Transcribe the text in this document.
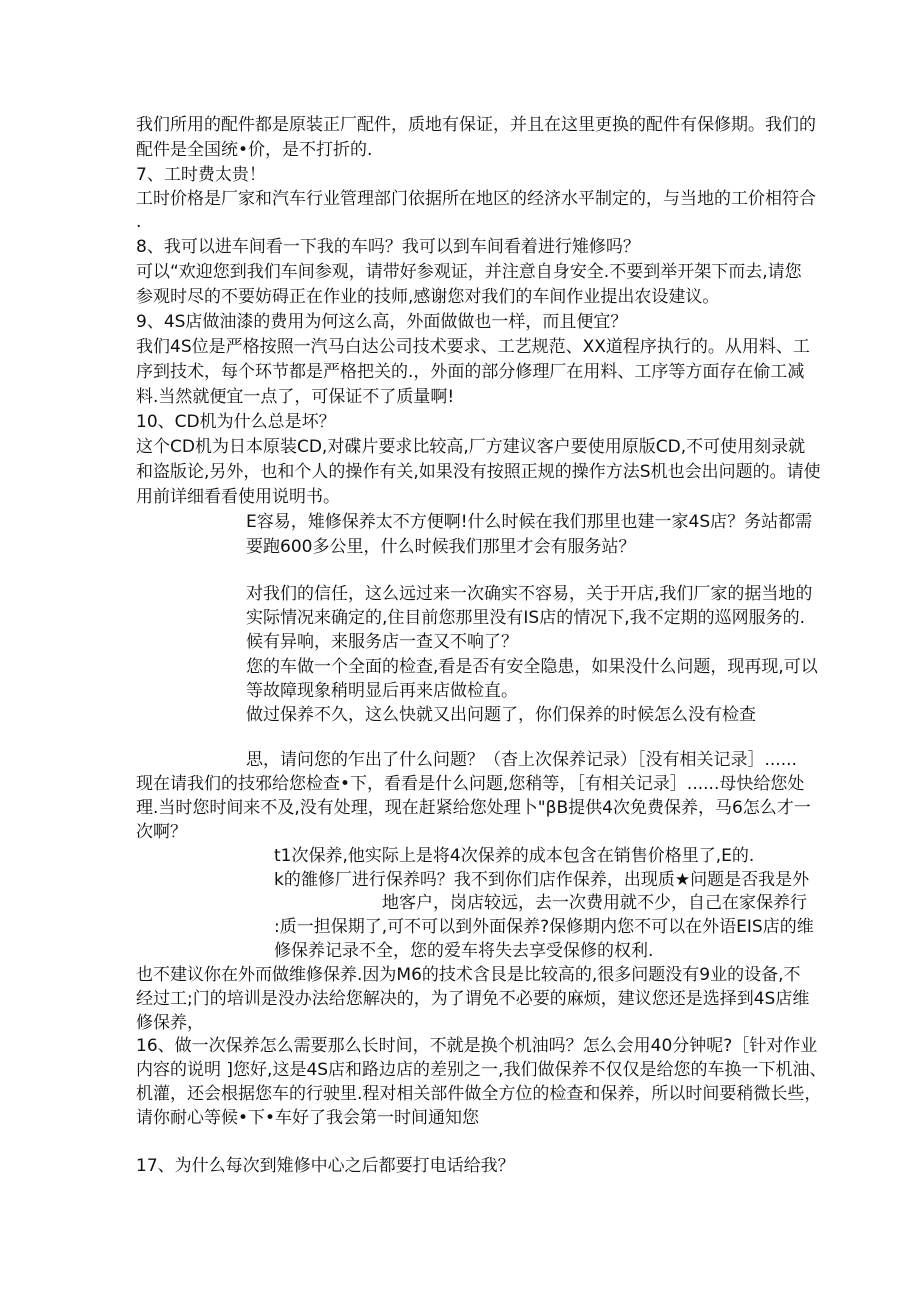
我们所用的配件都是原装正厂配件，质地有保证，并且在这里更换的配件有保修期。我们的
配件是全国统•价，是不打折的.
7、工时费太贵！
工时价格是厂家和汽车行业管理部门依据所在地区的经济水平制定的，与当地的工价相符合
.
8、我可以进车间看一下我的车吗？我可以到车间看着进行雉修吗？
可以“欢迎您到我们车间参观，请带好参观证，并注意自身安全.不要到举开架下而去,请您
参观时尽的不要妨碍正在作业的技师,感谢您对我们的车间作业提出农设建议。
9、4S店做油漆的费用为何这么高，外面做做也一样，而且便宜？
我们4S位是严格按照一汽马白达公司技术要求、工艺规范、XX道程序执行的。从用料、工
序到技术，每个环节都是严格把关的.，外面的部分修理厂在用料、工序等方面存在偷工减
料.当然就便宜一点了，可保证不了质量啊!
10、CD机为什么总是坏？
这个CD机为日本原装CD,对碟片要求比较高,厂方建议客户要使用原版CD,不可使用刻录就
和盗版论,另外，也和个人的操作有关,如果没有按照正规的操作方法S机也会出问题的。请使
用前详细看看使用说明书。
E容易，雉修保养太不方便啊!什么时候在我们那里也建一家4S店？务站都需
要跑600多公里，什么时候我们那里才会有服务站？
对我们的信任，这么远过来一次确实不容易，关于开店,我们厂家的据当地的
实际情况来确定的,住目前您那里没有IS店的情况下,我不定期的巡网服务的.
候有异响，来服务店一查又不响了？
您的车做一个全面的检查,看是否有安全隐患，如果没什么问题，现再现,可以
等故障现象稍明显后再来店做检直。
做过保养不久，这么快就又出问题了，你们保养的时候怎么没有检查
思，请问您的乍出了什么问题？（杳上次保养记录）［没有相关记录］......
现在请我们的技邪给您检查•下，看看是什么问题,您稍等，［有相关记录］......母快给您处
理.当时您时间来不及,没有处理，现在赶紧给您处理卜"βB提供4次免费保养，马6怎么才一
次啊？
t1次保养,他实际上是将4次保养的成本包含在销售价格里了,E的.
k的雒修厂进行保养吗？我不到你们店作保养，出现质★问题是否我是外
地客户，岗店较远，去一次费用就不少，自己在家保养行
:质一担保期了,可不可以到外面保养?保修期内您不可以在外语EIS店的维
修保养记录不全，您的爱车将失去享受保修的权利.
也不建议你在外而做维修保养.因为M6的技术含艮是比较高的,很多问题没有9业的设备,不
经过工;门的培训是没办法给您解决的，为了谓免不必要的麻烦，建议您还是选择到4S店维
修保养，
16、做一次保养怎么需要那么长时间，不就是换个机油吗？怎么会用40分钟呢?［针对作业
内容的说明 ]您好,这是4S店和路边店的差别之一,我们做保养不仅仅是给您的车换一下机油、
机灌，还会根据您车的行驶里.程对相关部件做全方位的检查和保养，所以时间要稍微长些，
请你耐心等候•下•车好了我会第一时间通知您
17、为什么每次到雉修中心之后都要打电话给我？
